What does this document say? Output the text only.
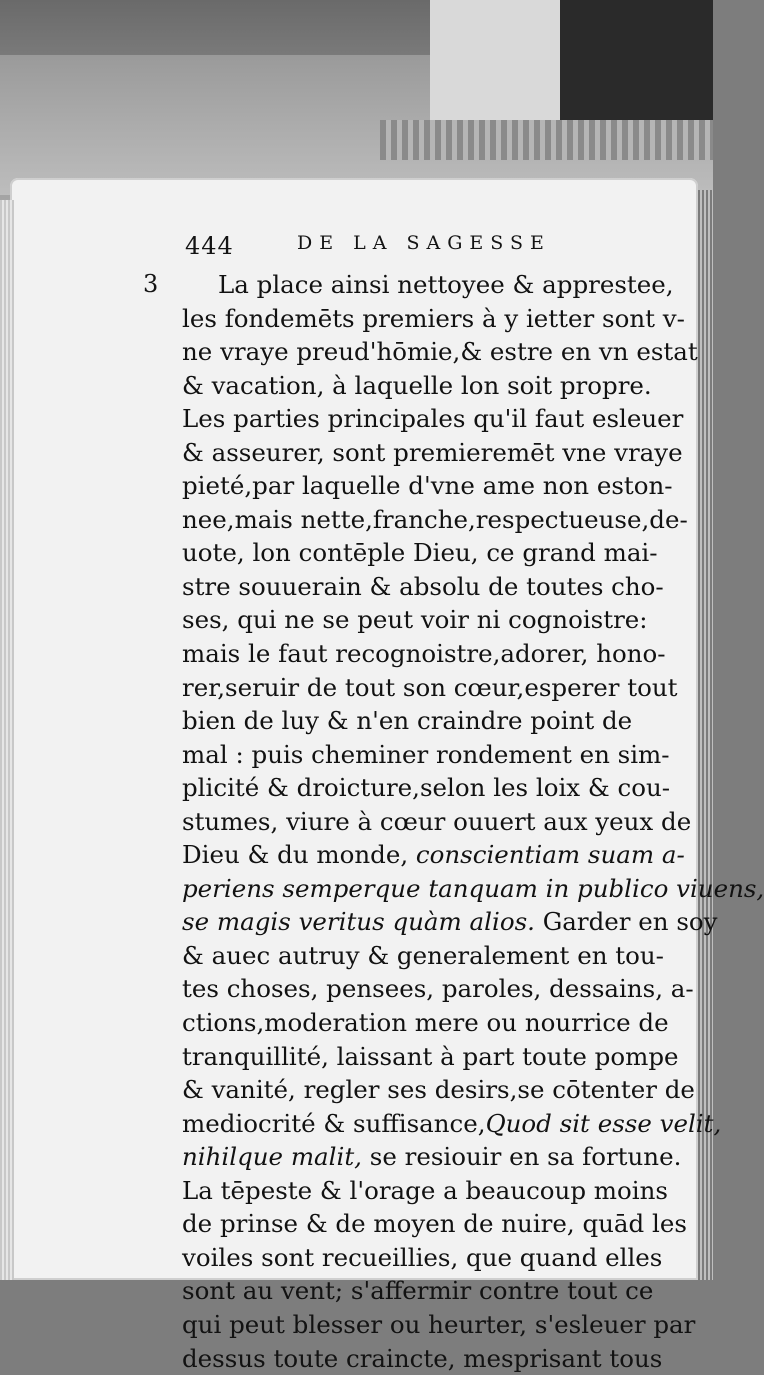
444	DE LA SAGESSE
3	La place ainsi nettoyee & apprestee,
les fondemēts premiers à y ietter sont v-
ne vraye preud'hōmie,& estre en vn estat
& vacation, à laquelle lon soit propre.
Les parties principales qu'il faut esleuer
& asseurer, sont premieremēt vne vraye
pieté,par laquelle d'vne ame non eston-
nee,mais nette,franche,respectueuse,de-
uote, lon contēple Dieu, ce grand mai-
stre souuerain & absolu de toutes cho-
ses, qui ne se peut voir ni cognoistre:
mais le faut recognoistre,adorer, hono-
rer,seruir de tout son cœur,esperer tout
bien de luy & n'en craindre point de
mal : puis cheminer rondement en sim-
plicité & droicture,selon les loix & cou-
stumes, viure à cœur ouuert aux yeux de
Dieu & du monde, conscientiam suam a-
periens semperque tanquam in publico viuens,
se magis veritus quàm alios. Garder en soy
& auec autruy & generalement en tou-
tes choses, pensees, paroles, dessains, a-
ctions,moderation mere ou nourrice de
tranquillité, laissant à part toute pompe
& vanité, regler ses desirs,se cōtenter de
mediocrité & suffisance,Quod sit esse velit,
nihilque malit, se resiouir en sa fortune.
La tēpeste & l'orage a beaucoup moins
de prinse & de moyen de nuire, quād les
voiles sont recueillies, que quand elles
sont au vent; s'affermir contre tout ce
qui peut blesser ou heurter, s'esleuer par
dessus toute craincte, mesprisant tous
